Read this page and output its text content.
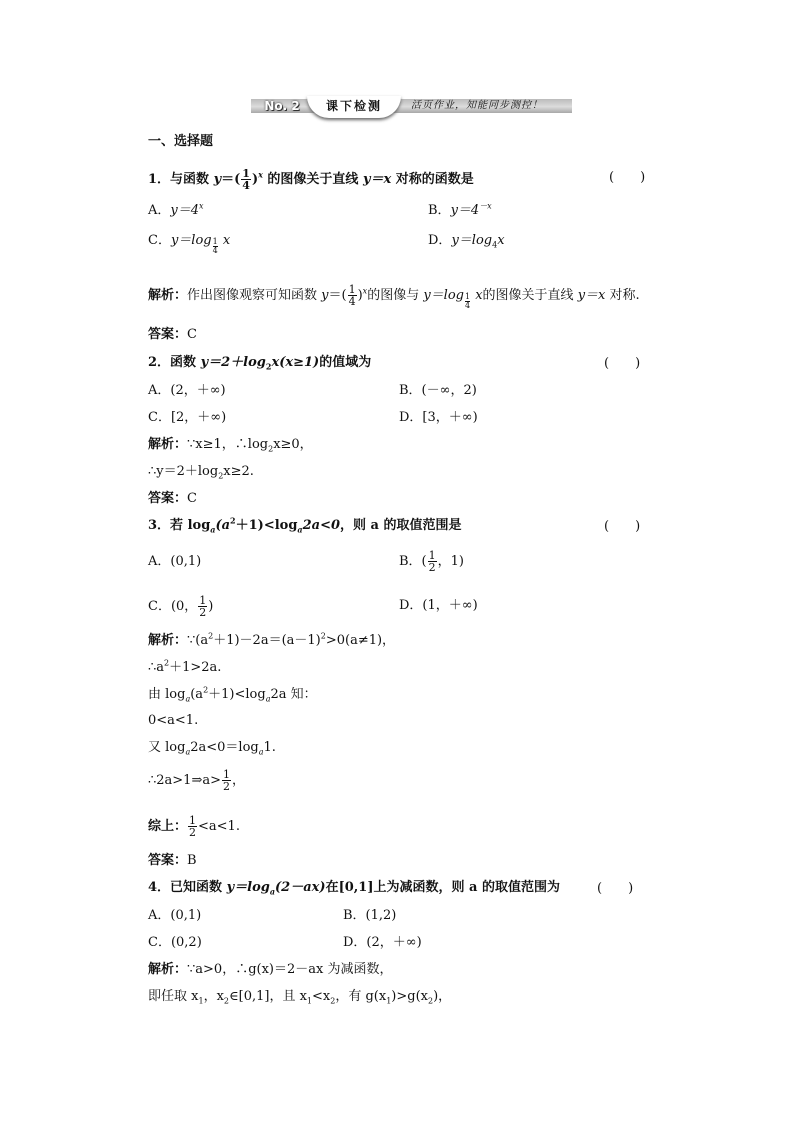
No. 2	课下检测	活页作业，知能同步测控！
一、选择题
1．与函数 $y=( \frac{1}{4} )^x$ 的图像关于直线 y＝x 对称的函数是	(　　)
A．$y=4^x$	B．$y=4^{-x}$
C．$y=\log \frac{1}{4}$ x	D．$y=\log_4x$
解析：作出图像观察可知函数 $y=( \frac{1}{4} )^x$的图像与 $y=\log \frac{1}{4}$ x的图像关于直线 y＝x 对称.
答案：C
2．函数 $y=2+\log_2x(x\ge 1)$的值域为	(　　)
A．(2，＋∞)	B．(－∞，2)
C．[2，＋∞)	D．[3，＋∞)
解析：∵x≥1，$\therefore\log_2x\ge 0$，
$\therefore y=2+\log_2x\ge 2$.
答案：C
3．若 $\log_a(a^2+1)<\log_a2a<0$，则 a 的取值范围是	(　　)
A．(0,1)	B．( $\frac{1}{2}$ ，1)
C．(0， $\frac{1}{2}$ )	D．(1，＋∞)
解析：$\because(a^2+1)-2a=(a-1)^2>0(a\ne 1)$，
$\therefore a^2+1>2a$.
由 $\log_a(a^2+1)<\log_a2a$ 知：
0<a<1.
又 $\log_a2a<0=\log_a1$.
∴2a>1⇒a> $\frac{1}{2}$ ，
综上： $\frac{1}{2} <a<1$.
答案：B
4．已知函数 $y=\log_a(2-ax)$在[0,1]上为减函数，则 a 的取值范围为	(　　)
A．(0,1)	B．(1,2)
C．(0,2)	D．(2，＋∞)
解析：∵a>0，∴g(x)＝2－ax 为减函数，
即任取 $x_1$，$x_2\in[0,1]$，且 $x_1<x_2$，有 $g(x_1)>g(x_2)$，
